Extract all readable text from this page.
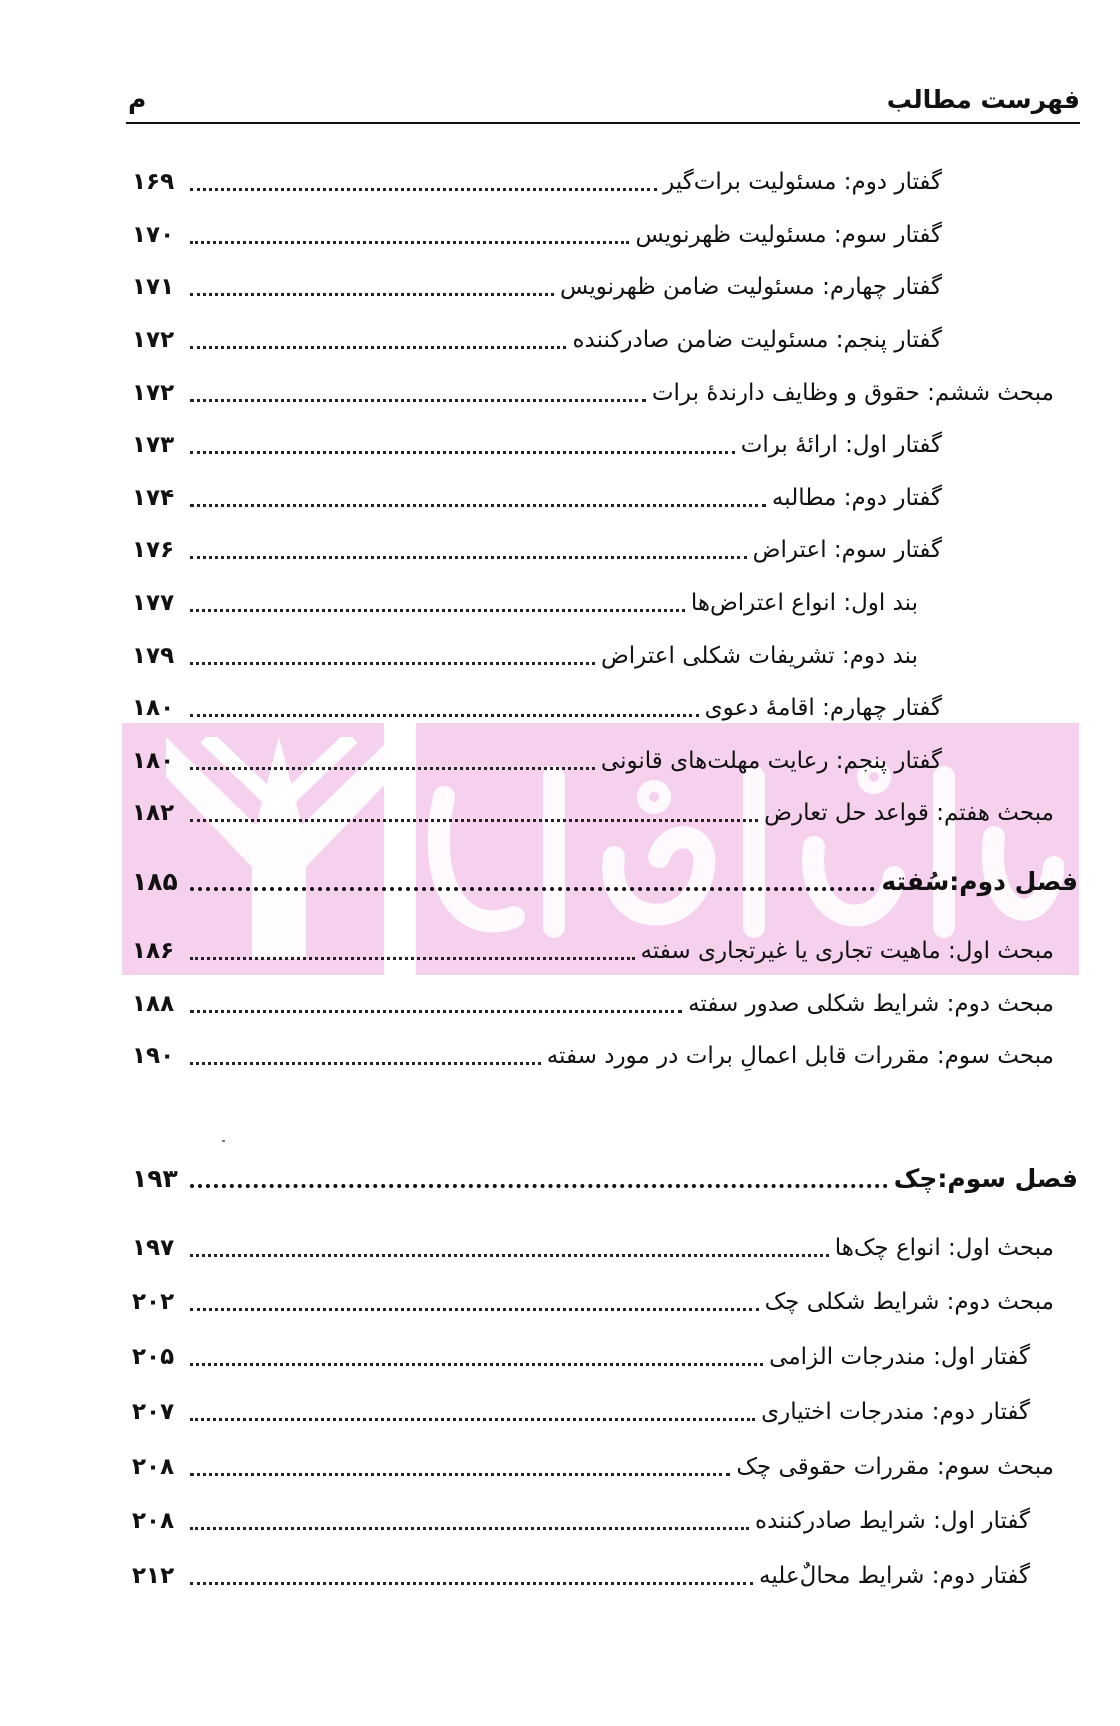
فهرست مطالب
م
گفتار دوم: مسئولیت برات‌گیر
۱۶۹
گفتار سوم: مسئولیت ظهرنویس
۱۷۰
گفتار چهارم: مسئولیت ضامن ظهرنویس
۱۷۱
گفتار پنجم: مسئولیت ضامن صادرکننده
۱۷۲
مبحث ششم: حقوق و وظایف دارندهٔ برات
۱۷۲
گفتار اول: ارائهٔ برات
۱۷۳
گفتار دوم: مطالبه
۱۷۴
گفتار سوم: اعتراض
۱۷۶
بند اول: انواع اعتراض‌ها
۱۷۷
بند دوم: تشریفات شکلی اعتراض
۱۷۹
گفتار چهارم: اقامهٔ دعوی
۱۸۰
گفتار پنجم: رعایت مهلت‌های قانونی
۱۸۰
مبحث هفتم: قواعد حل تعارض
۱۸۲
فصل دوم:سُفته
۱۸۵
مبحث اول: ماهیت تجاری یا غیرتجاری سفته
۱۸۶
مبحث دوم: شرایط شکلی صدور سفته
۱۸۸
مبحث سوم: مقررات قابل اعمالِ برات در مورد سفته
۱۹۰
فصل سوم:چک
۱۹۳
مبحث اول: انواع چک‌ها
۱۹۷
مبحث دوم: شرایط شکلی چک
۲۰۲
گفتار اول: مندرجات الزامی
۲۰۵
گفتار دوم: مندرجات اختیاری
۲۰۷
مبحث سوم: مقررات حقوقی چک
۲۰۸
گفتار اول: شرایط صادرکننده
۲۰۸
گفتار دوم: شرایط محالٌ‌علیه
۲۱۲
